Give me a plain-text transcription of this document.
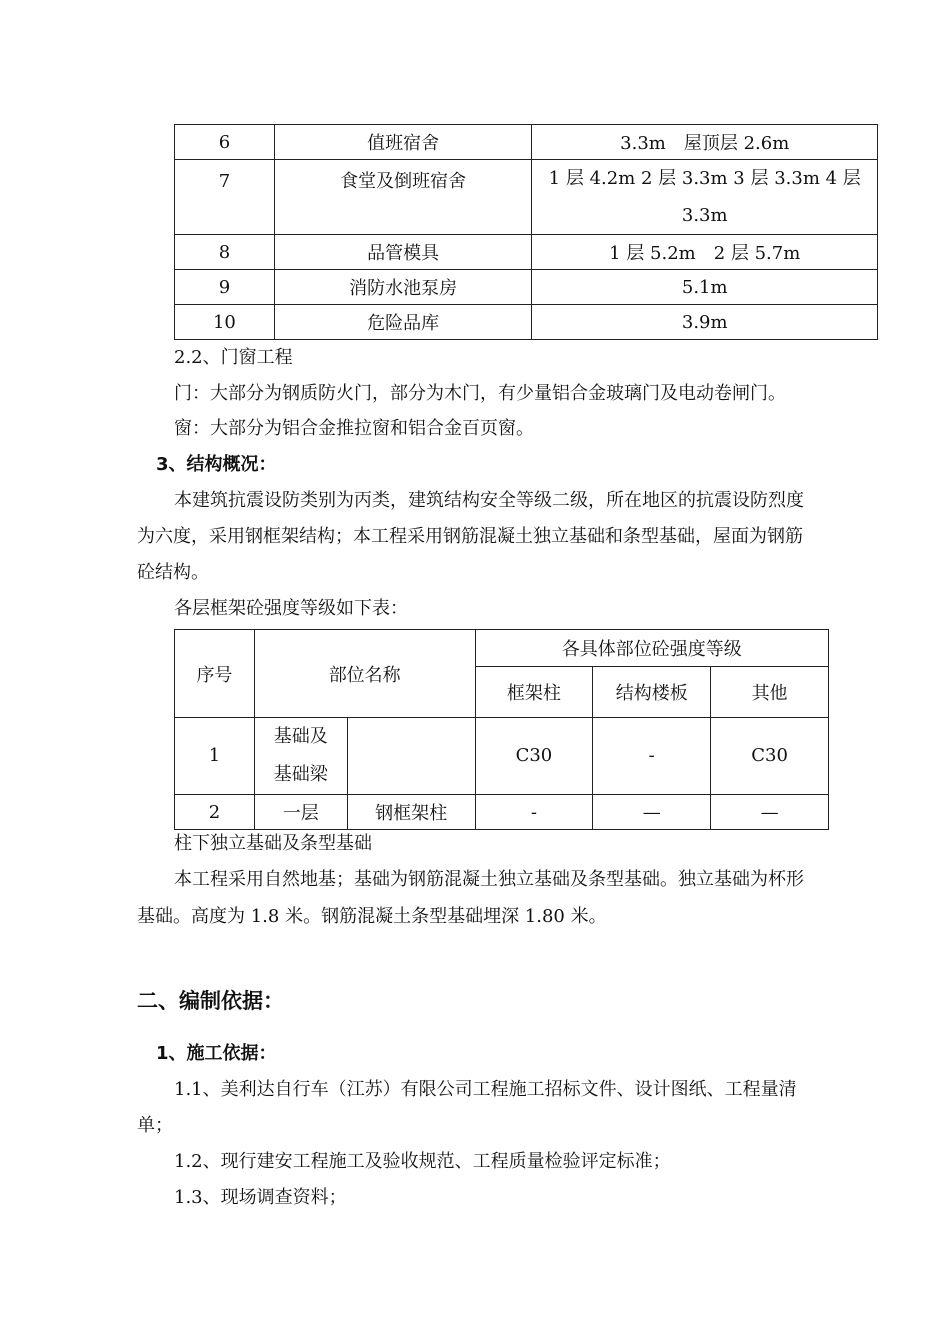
6	值班宿舍	3.3m　屋顶层 2.6m
7	食堂及倒班宿舍	1 层 4.2m 2 层 3.3m 3 层 3.3m 4 层
3.3m

8	品管模具	1 层 5.2m　2 层 5.7m
9	消防水池泵房	5.1m
10	危险品库	3.9m
2.2、门窗工程
门：大部分为钢质防火门，部分为木门，有少量铝合金玻璃门及电动卷闸门。
窗：大部分为铝合金推拉窗和铝合金百页窗。
3、结构概况：
本建筑抗震设防类别为丙类，建筑结构安全等级二级，所在地区的抗震设防烈度
为六度，采用钢框架结构；本工程采用钢筋混凝土独立基础和条型基础，屋面为钢筋
砼结构。
各层框架砼强度等级如下表：
序号	部位名称		各具体部位砼强度等级		
			框架柱	结构楼板	其他
1	基础及
基础梁		C30	-	C30
2	一层	钢框架柱	-	—	—
柱下独立基础及条型基础
本工程采用自然地基；基础为钢筋混凝土独立基础及条型基础。独立基础为杯形
基础。高度为 1.8 米。钢筋混凝土条型基础埋深 1.80 米。
二、编制依据：
1、施工依据：
1.1、美利达自行车（江苏）有限公司工程施工招标文件、设计图纸、工程量清
单；
1.2、现行建安工程施工及验收规范、工程质量检验评定标准；
1.3、现场调查资料；
